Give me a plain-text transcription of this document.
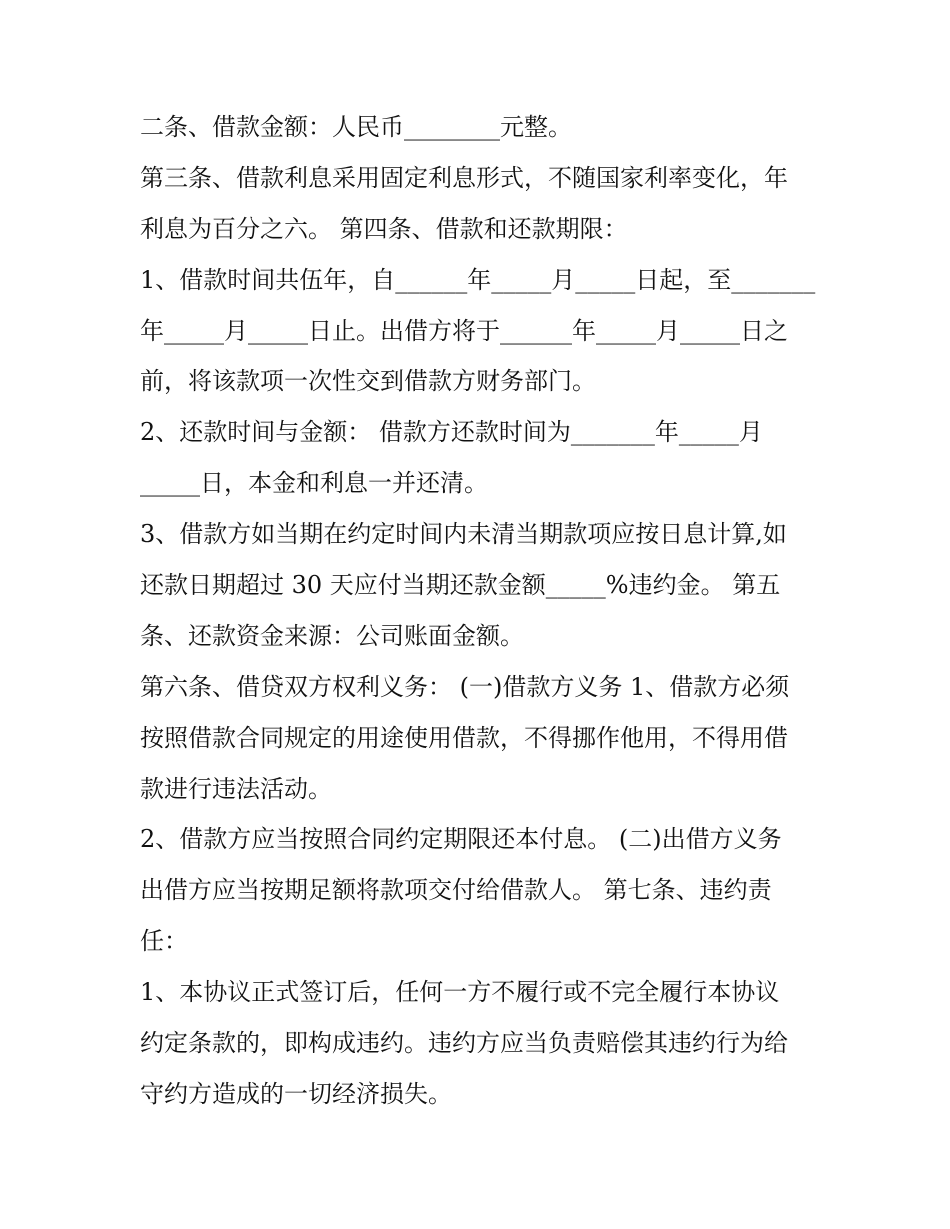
二条、借款金额：人民币________元整。
第三条、借款利息采用固定利息形式，不随国家利率变化，年
利息为百分之六。 第四条、借款和还款期限：
1、借款时间共伍年，自______年_____月_____日起，至_______
年_____月_____日止。出借方将于______年_____月_____日之
前，将该款项一次性交到借款方财务部门。
2、还款时间与金额： 借款方还款时间为_______年_____月
_____日，本金和利息一并还清。
3、借款方如当期在约定时间内未清当期款项应按日息计算,如
还款日期超过 30 天应付当期还款金额_____%违约金。 第五
条、还款资金来源：公司账面金额。
第六条、借贷双方权利义务： (一)借款方义务 1、借款方必须
按照借款合同规定的用途使用借款，不得挪作他用，不得用借
款进行违法活动。
2、借款方应当按照合同约定期限还本付息。 (二)出借方义务
出借方应当按期足额将款项交付给借款人。 第七条、违约责
任：
1、本协议正式签订后，任何一方不履行或不完全履行本协议
约定条款的，即构成违约。违约方应当负责赔偿其违约行为给
守约方造成的一切经济损失。
